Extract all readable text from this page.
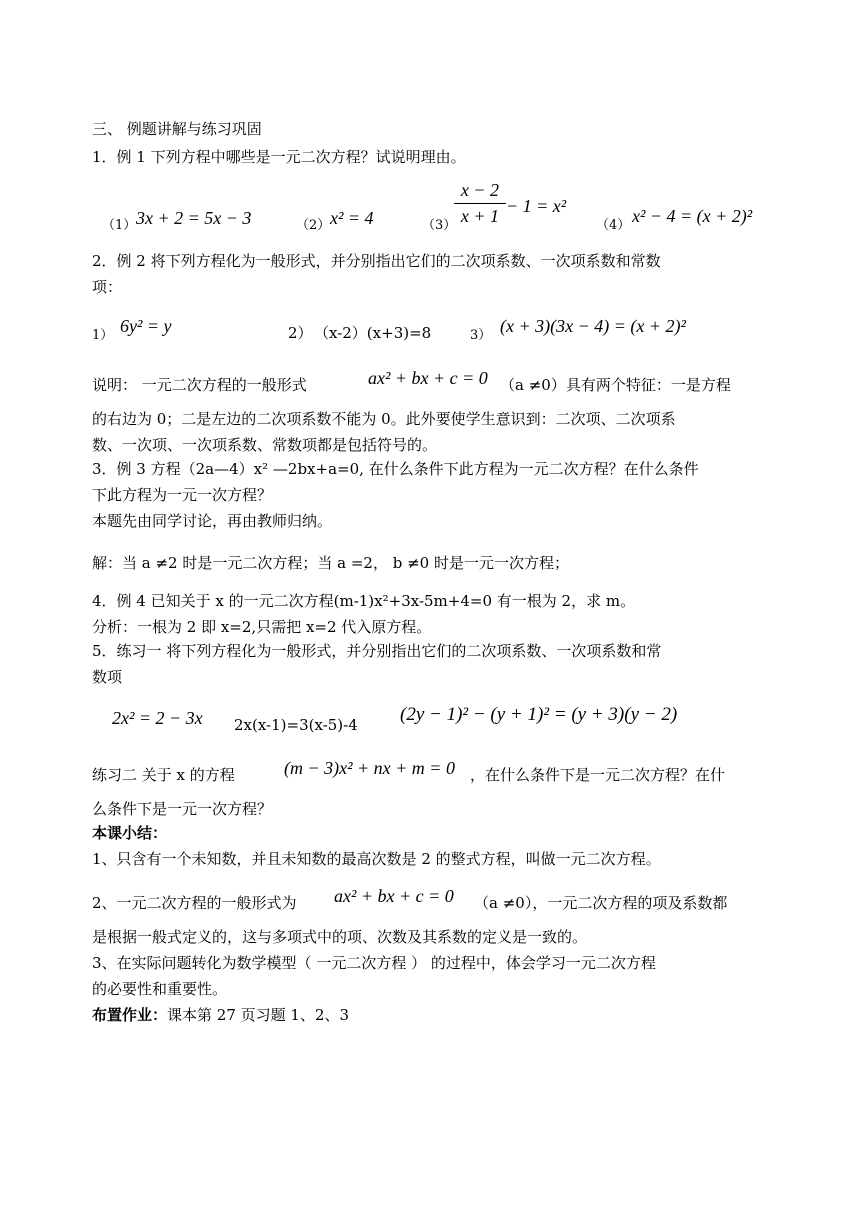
三、 例题讲解与练习巩固
1．例 1 下列方程中哪些是一元二次方程？试说明理由。
（1） 3x + 2 = 5x − 3	（2） x² = 4	（3）
$\frac{x - 2}{x + 1} - 1 = x^2$
（4） x² − 4 = (x + 2)²
2．例 2 将下列方程化为一般形式，并分别指出它们的二次项系数、一次项系数和常数
项：
1） 6y² = y	2） （x-2）(x+3)=8	3） (x + 3)(3x − 4) = (x + 2)²
说明： 一元二次方程的一般形式	ax² + bx + c = 0 （a ≠0）具有两个特征：一是方程
的右边为 0；二是左边的二次项系数不能为 0。此外要使学生意识到：二次项、二次项系
数、一次项、一次项系数、常数项都是包括符号的。
3．例 3 方程（2a—4）x² —2bx+a=0, 在什么条件下此方程为一元二次方程？在什么条件
下此方程为一元一次方程？
本题先由同学讨论，再由教师归纳。
解：当 a ≠2 时是一元二次方程；当 a =2， b ≠0 时是一元一次方程；
4．例 4 已知关于 x 的一元二次方程(m-1)x²+3x-5m+4=0 有一根为 2，求 m。
分析：一根为 2 即 x=2,只需把 x=2 代入原方程。
5．练习一 将下列方程化为一般形式，并分别指出它们的二次项系数、一次项系数和常
数项
2x² = 2 − 3x 2x(x-1)=3(x-5)-4 (2y − 1)² − (y + 1)² = (y + 3)(y − 2)
练习二 关于 x 的方程	(m − 3)x² + nx + m = 0 ，在什么条件下是一元二次方程？在什
么条件下是一元一次方程？
本课小结：
1、只含有一个未知数，并且未知数的最高次数是 2 的整式方程，叫做一元二次方程。
2、一元二次方程的一般形式为 ax² + bx + c = 0 （a ≠0），一元二次方程的项及系数都
是根据一般式定义的，这与多项式中的项、次数及其系数的定义是一致的。
3、在实际问题转化为数学模型（ 一元二次方程 ） 的过程中，体会学习一元二次方程
的必要性和重要性。
布置作业：课本第 27 页习题 1、2、3
